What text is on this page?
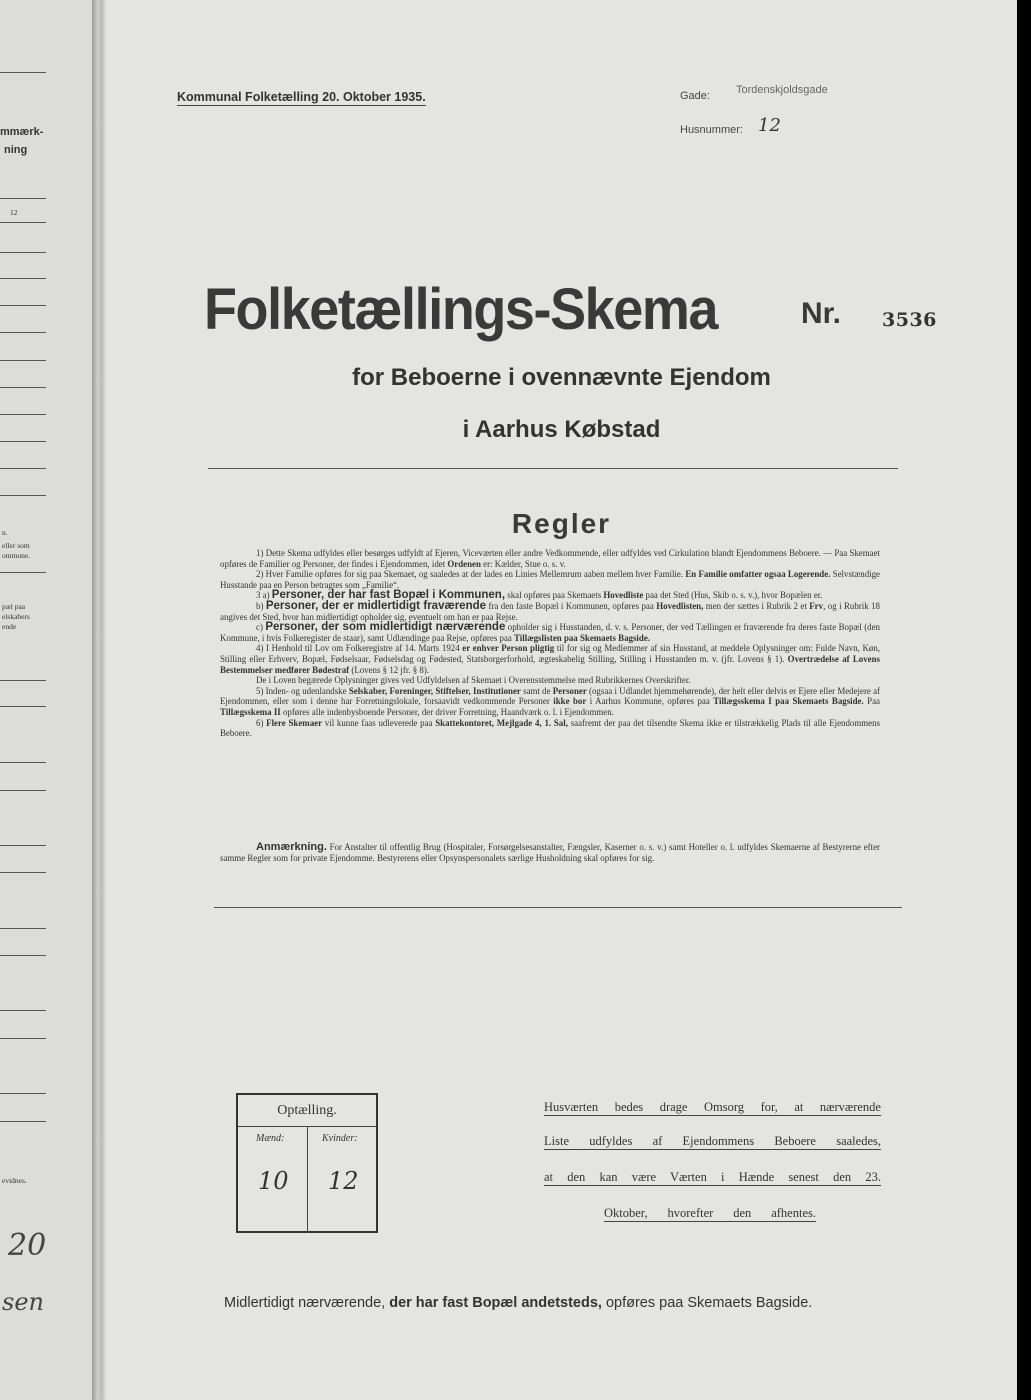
mmærk-
ning
12
n.
eller som
ommune.
pæl paa
elskabers
ende
evidnes.
20
sen
Kommunal Folketælling 20. Oktober 1935.	Gade: Tordenskjoldsgade
Husnummer: 12
Folketællings-Skema	Nr. 3536
for Beboerne i ovennævnte Ejendom
i Aarhus Købstad
Regler

1) Dette Skema udfyldes eller besørges udfyldt af Ejeren, Viceværten eller andre Vedkommende, eller udfyldes ved Cirkulation blandt Ejendommens Beboere. — Paa Skemaet opføres de Familier og Personer, der findes i Ejendommen, idet Ordenen er: Kælder, Stue o. s. v.

2) Hver Familie opføres for sig paa Skemaet, og saaledes at der lades en Linies Mellemrum aaben mellem hver Familie. En Familie omfatter ogsaa Logerende. Selvstændige Husstande paa en Person betragtes som „Familie“.

3 a) Personer, der har fast Bopæl i Kommunen, skal opføres paa Skemaets Hovedliste paa det Sted (Hus, Skib o. s. v.), hvor Bopælen er.

b) Personer, der er midlertidigt fraværende fra den faste Bopæl i Kommunen, opføres paa Hovedlisten, men der sættes i Rubrik 2 et Frv, og i Rubrik 18 angives det Sted, hvor han midlertidigt opholder sig, eventuelt om han er paa Rejse.

c) Personer, der som midlertidigt nærværende opholder sig i Husstanden, d. v. s. Personer, der ved Tællingen er fraværende fra deres faste Bopæl (den Kommune, i hvis Folkeregister de staar), samt Udlændinge paa Rejse, opføres paa Tillægslisten paa Skemaets Bagside.

4) I Henhold til Lov om Folkeregistre af 14. Marts 1924 er enhver Person pligtig til for sig og Medlemmer af sin Husstand, at meddele Oplysninger om: Fulde Navn, Køn, Stilling eller Erhverv, Bopæl, Fødselsaar, Fødselsdag og Fødested, Statsborgerforhold, ægteskabelig Stilling, Stilling i Husstanden m. v. (jfr. Lovens § 1). Overtrædelse af Lovens Bestemmelser medfører Bødestraf (Lovens § 12 jfr. § 8).

De i Loven begærede Oplysninger gives ved Udfyldelsen af Skemaet i Overensstemmelse med Rubrikkernes Overskrifter.

5) Inden- og udenlandske Selskaber, Foreninger, Stiftelser, Institutioner samt de Personer (ogsaa i Udlandet hjemmehørende), der helt eller delvis er Ejere eller Medejere af Ejendommen, eller som i denne har Forretningslokale, forsaavidt vedkommende Personer ikke bor i Aarhus Kommune, opføres paa Tillægsskema I paa Skemaets Bagside. Paa Tillægsskema II opføres alle indenbysboende Personer, der driver Forretning, Haandværk o. l. i Ejendommen.

6) Flere Skemaer vil kunne faas udleverede paa Skattekontoret, Mejlgade 4, 1. Sal, saafremt der paa det tilsendte Skema ikke er tilstrækkelig Plads til alle Ejendommens Beboere.

Anmærkning. For Anstalter til offentlig Brug (Hospitaler, Forsørgelsesanstalter, Fængsler, Kaserner o. s. v.) samt Hoteller o. l. udfyldes Skemaerne af Bestyrerne efter samme Regler som for private Ejendomme. Bestyrerens eller Opsynspersonalets særlige Husholdning skal opføres for sig.

Optælling.
Mænd:	Kvinder:
10 12
Husværten bedes drage Omsorg for, at nærværende
Liste udfyldes af Ejendommens Beboere saaledes,
at den kan være Værten i Hænde senest den 23.
Oktober, hvorefter den afhentes.
Midlertidigt nærværende, der har fast Bopæl andetsteds, opføres paa Skemaets Bagside.
